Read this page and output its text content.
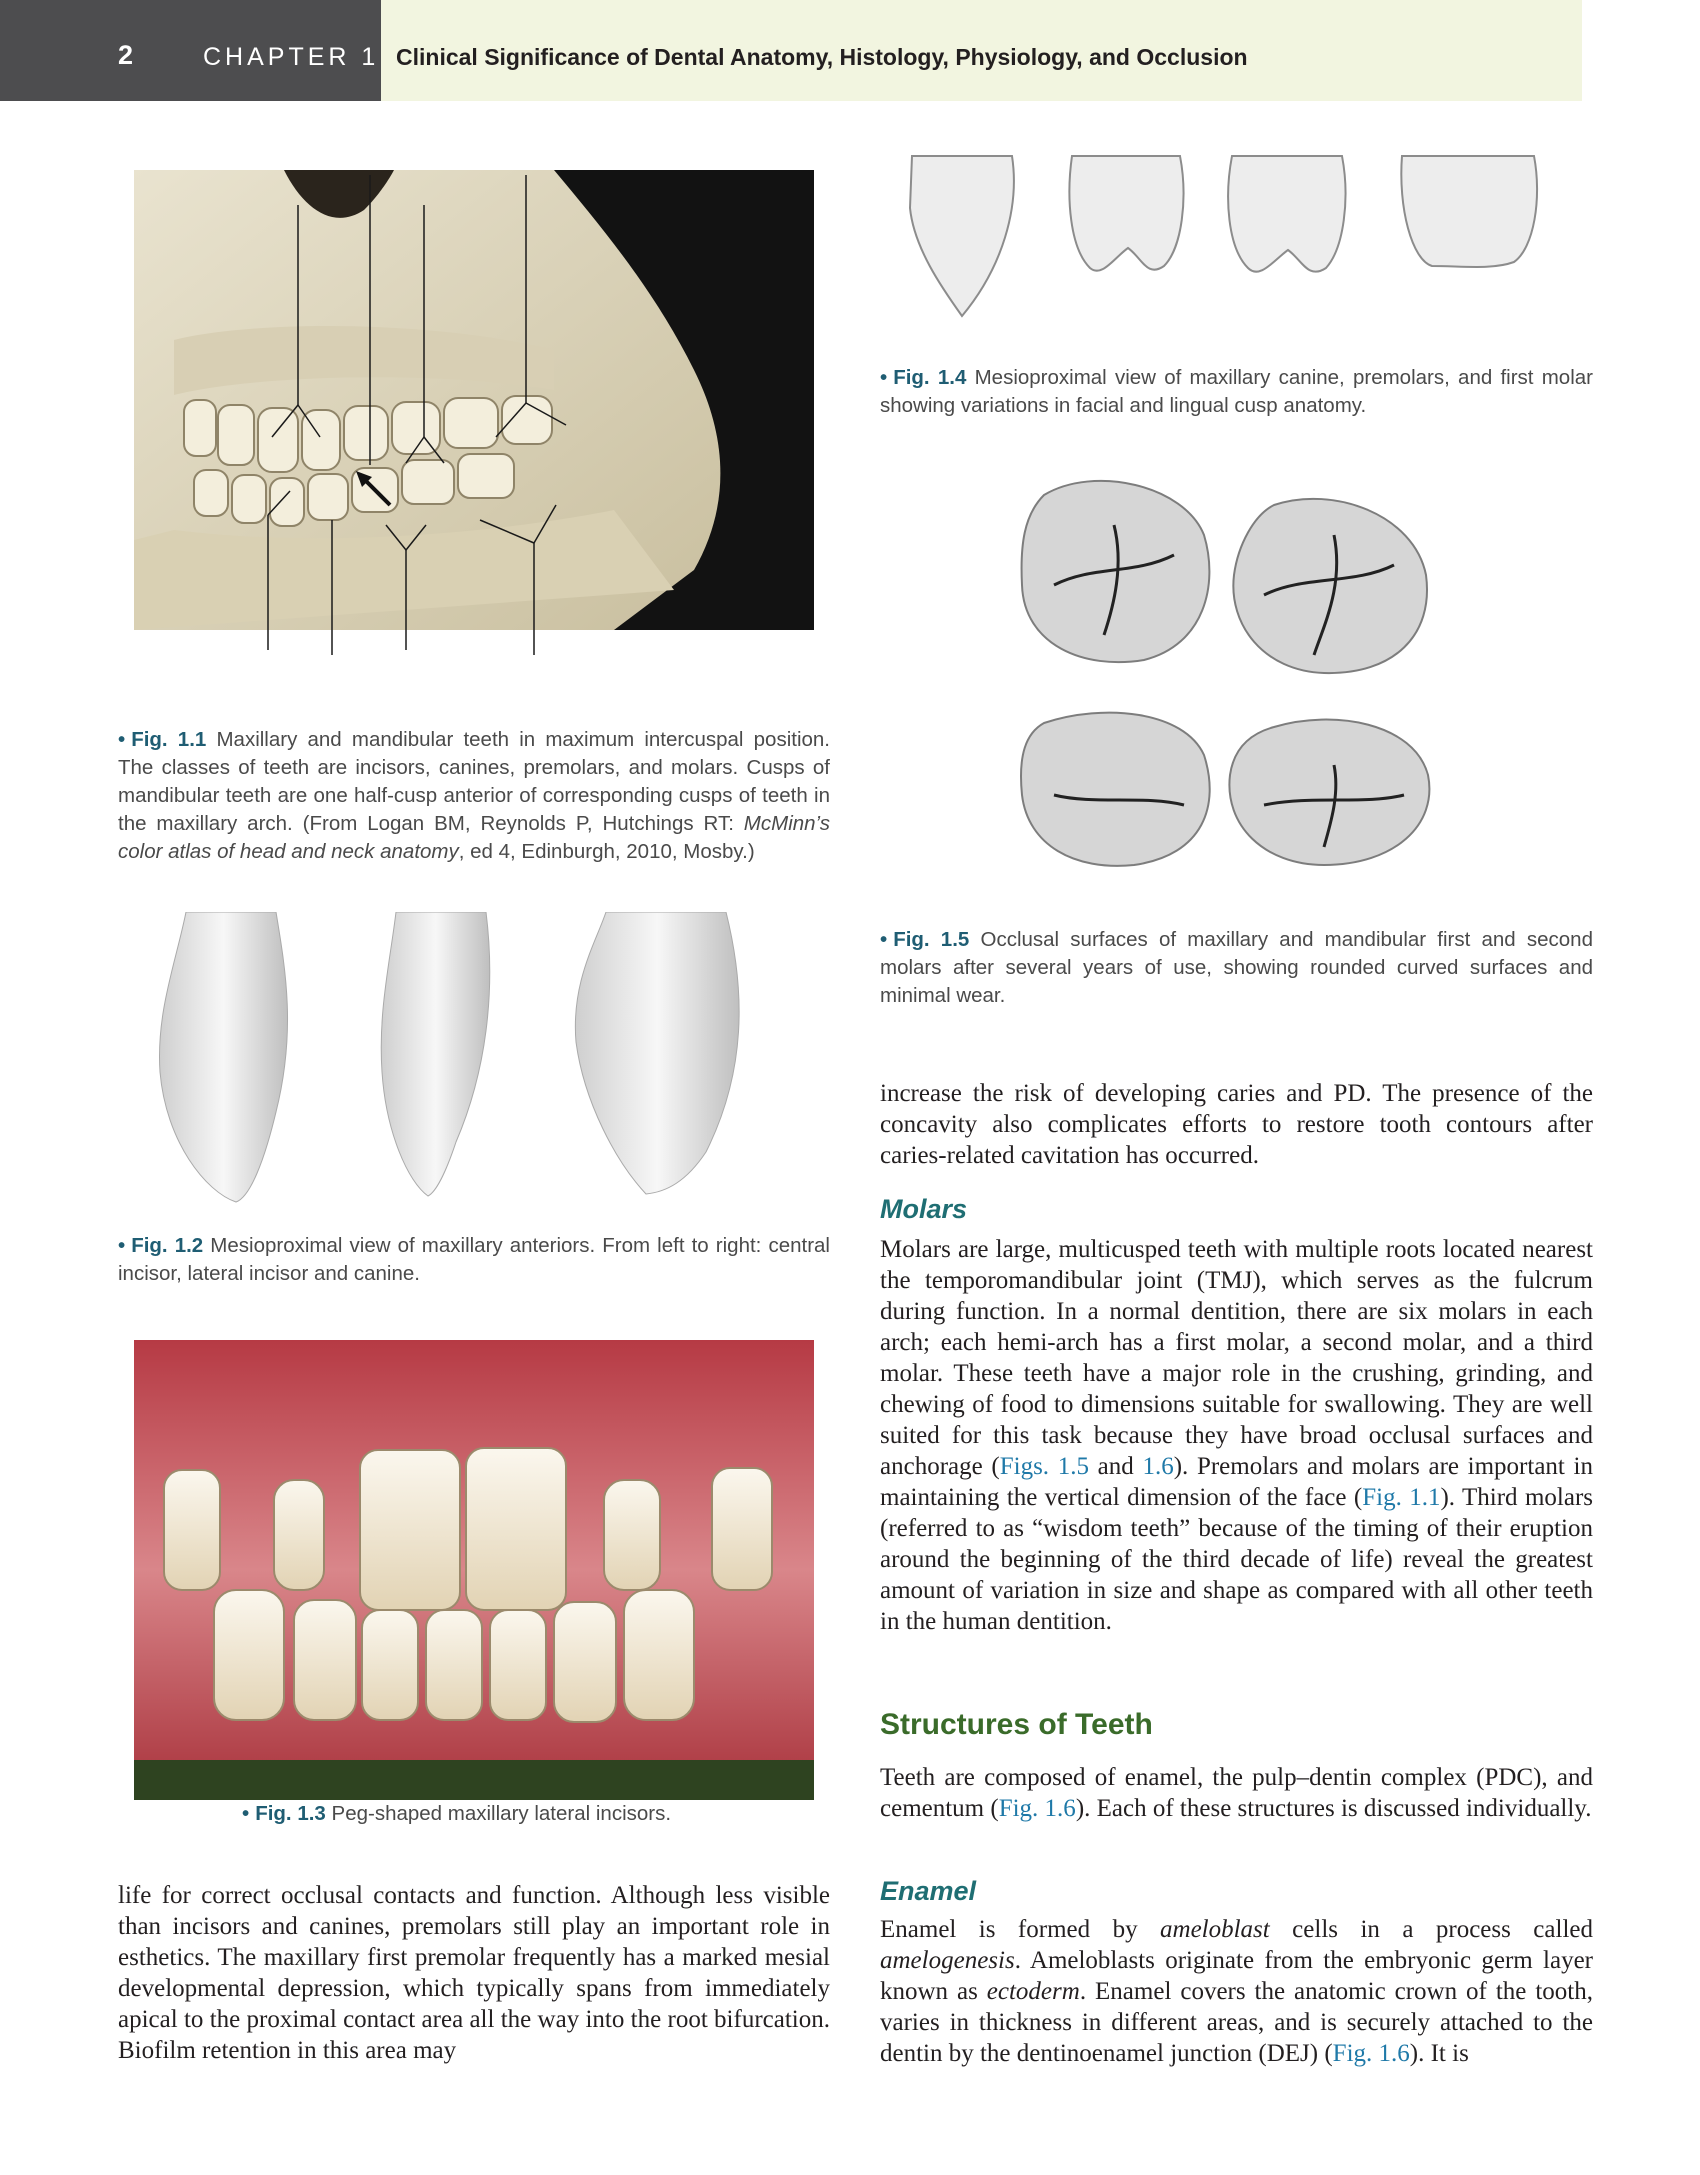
2	CHAPTER 1 Clinical Significance of Dental Anatomy, Histology, Physiology, and Occlusion
• Fig. 1.1 Maxillary and mandibular teeth in maximum intercuspal position. The classes of teeth are incisors, canines, premolars, and molars. Cusps of mandibular teeth are one half-cusp anterior of corresponding cusps of teeth in the maxillary arch. (From Logan BM, Reynolds P, Hutchings RT: McMinn’s color atlas of head and neck anatomy, ed 4, Edinburgh, 2010, Mosby.)
• Fig. 1.2 Mesioproximal view of maxillary anteriors. From left to right: central incisor, lateral incisor and canine.
• Fig. 1.3 Peg-shaped maxillary lateral incisors.
life for correct occlusal contacts and function. Although less visible than incisors and canines, premolars still play an important role in esthetics. The maxillary first premolar frequently has a marked mesial developmental depression, which typically spans from immediately apical to the proximal contact area all the way into the root bifurcation. Biofilm retention in this area may
• Fig. 1.4 Mesioproximal view of maxillary canine, premolars, and first molar showing variations in facial and lingual cusp anatomy.
• Fig. 1.5 Occlusal surfaces of maxillary and mandibular first and second molars after several years of use, showing rounded curved surfaces and minimal wear.
increase the risk of developing caries and PD. The presence of the concavity also complicates efforts to restore tooth contours after caries-related cavitation has occurred.
Molars
Molars are large, multicusped teeth with multiple roots located nearest the temporomandibular joint (TMJ), which serves as the fulcrum during function. In a normal dentition, there are six molars in each arch; each hemi-arch has a first molar, a second molar, and a third molar. These teeth have a major role in the crushing, grinding, and chewing of food to dimensions suitable for swallowing. They are well suited for this task because they have broad occlusal surfaces and anchorage (Figs. 1.5 and 1.6). Premolars and molars are important in maintaining the vertical dimension of the face (Fig. 1.1). Third molars (referred to as “wisdom teeth” because of the timing of their eruption around the beginning of the third decade of life) reveal the greatest amount of variation in size and shape as compared with all other teeth in the human dentition.
Structures of Teeth
Teeth are composed of enamel, the pulp–dentin complex (PDC), and cementum (Fig. 1.6). Each of these structures is discussed individually.
Enamel
Enamel is formed by ameloblast cells in a process called amelogenesis. Ameloblasts originate from the embryonic germ layer known as ectoderm. Enamel covers the anatomic crown of the tooth, varies in thickness in different areas, and is securely attached to the dentin by the dentinoenamel junction (DEJ) (Fig. 1.6). It is
